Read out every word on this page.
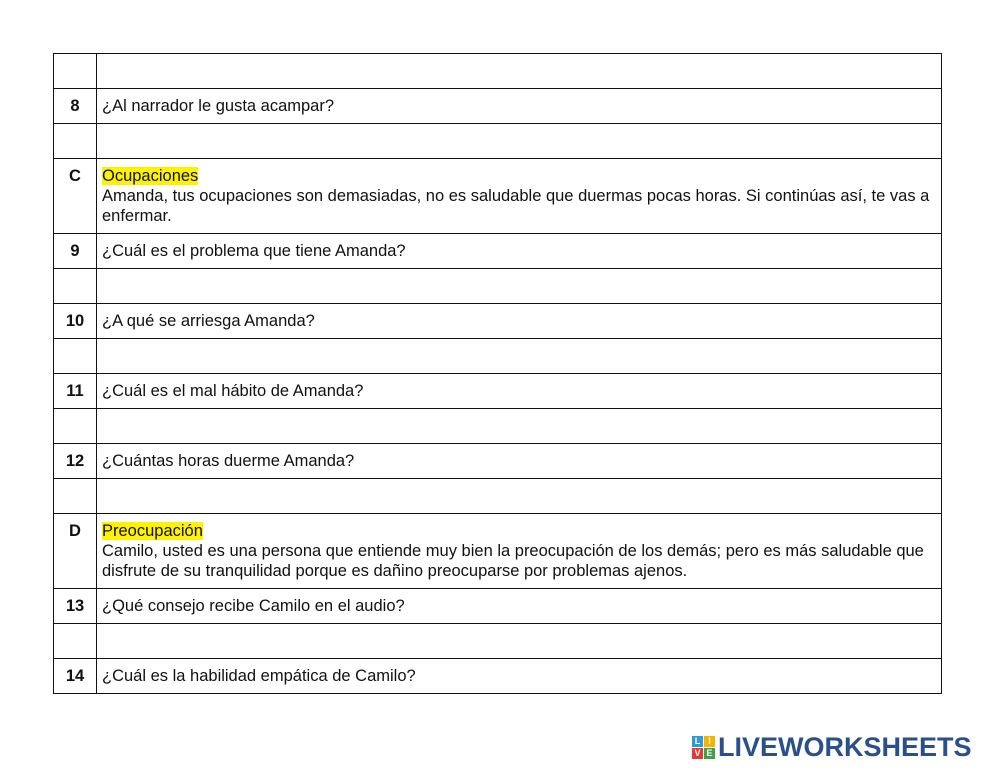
8	¿Al narrador le gusta acampar?

C	Ocupaciones
Amanda, tus ocupaciones son demasiadas, no es saludable que duermas pocas horas. Si continúas así, te vas a enfermar.
9	¿Cuál es el problema que tiene Amanda?

10	¿A qué se arriesga Amanda?

11	¿Cuál es el mal hábito de Amanda?

12	¿Cuántas horas duerme Amanda?

D	Preocupación
Camilo, usted es una persona que entiende muy bien la preocupación de los demás; pero es más saludable que disfrute de su tranquilidad porque es dañino preocuparse por problemas ajenos.
13	¿Qué consejo recibe Camilo en el audio?

14	¿Cuál es la habilidad empática de Camilo?
L I
V E LIVEWORKSHEETS
